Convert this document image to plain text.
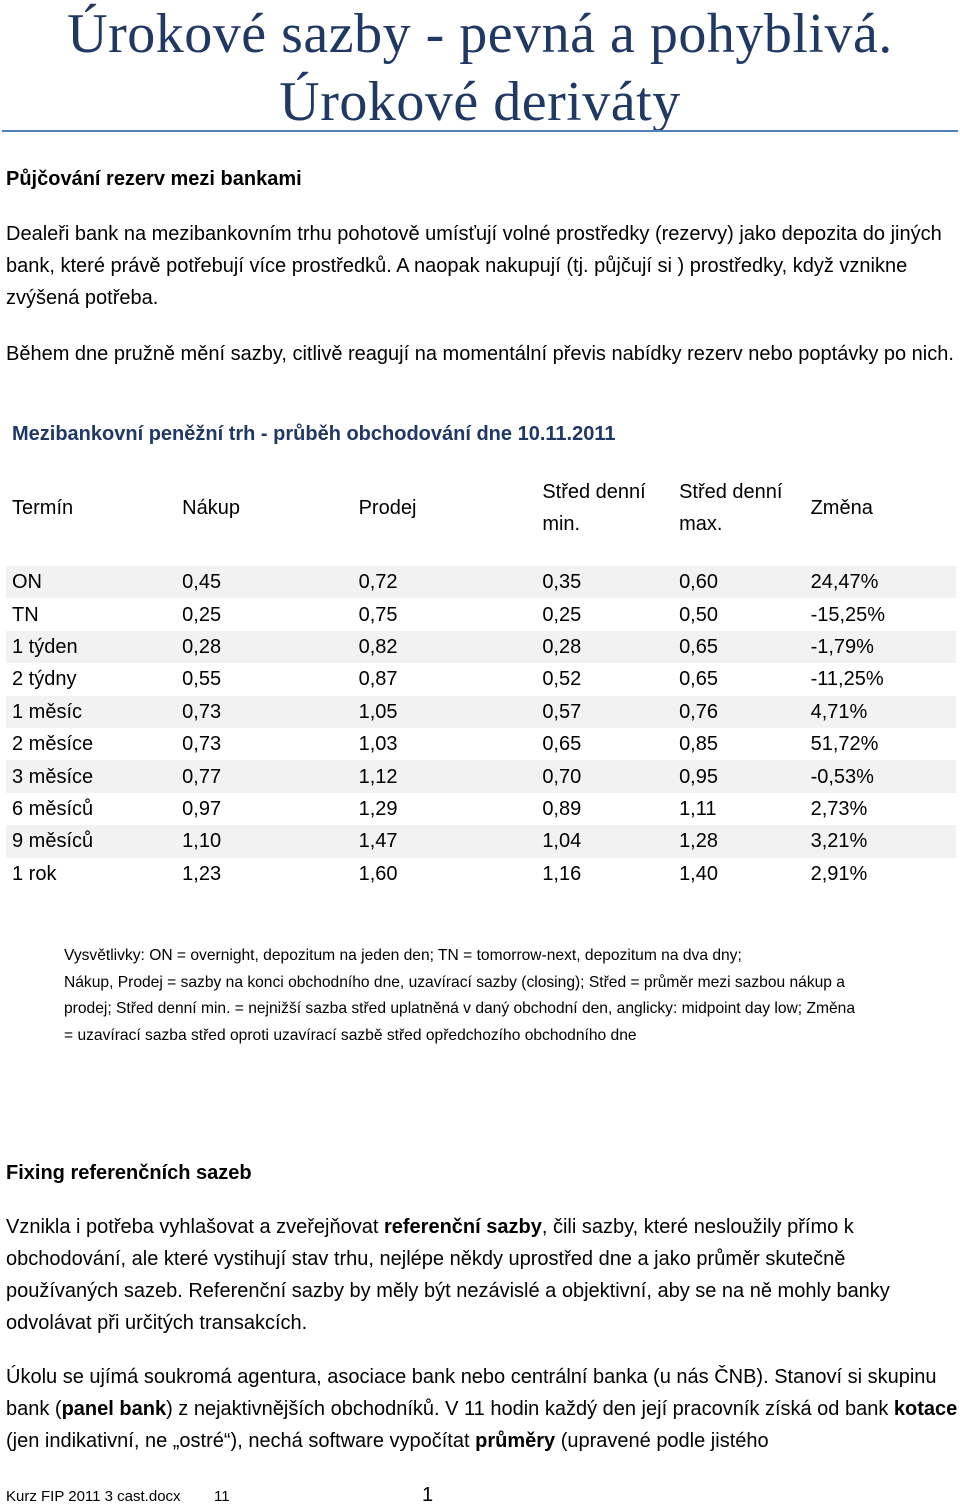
Úrokové sazby - pevná a pohyblivá.
Úrokové deriváty
Půjčování rezerv mezi bankami
Dealeři bank na mezibankovním trhu pohotově umísťují volné prostředky (rezervy) jako depozita do jiných bank, které právě potřebují více prostředků. A naopak nakupují (tj. půjčují si ) prostředky, když vznikne zvýšená potřeba.
Během dne pružně mění sazby, citlivě reagují na momentální převis nabídky rezerv nebo poptávky po nich.
Mezibankovní peněžní trh - průběh obchodování dne 10.11.2011
Termín	Nákup	Prodej	Střed denní min.	Střed denní max.	Změna

ON	0,45	0,72	0,35	0,60	24,47%
TN	0,25	0,75	0,25	0,50	-15,25%
1 týden	0,28	0,82	0,28	0,65	-1,79%
2 týdny	0,55	0,87	0,52	0,65	-11,25%
1 měsíc	0,73	1,05	0,57	0,76	4,71%
2 měsíce	0,73	1,03	0,65	0,85	51,72%
3 měsíce	0,77	1,12	0,70	0,95	-0,53%
6 měsíců	0,97	1,29	0,89	1,11	2,73%
9 měsíců	1,10	1,47	1,04	1,28	3,21%
1 rok	1,23	1,60	1,16	1,40	2,91%
Vysvětlivky: ON = overnight, depozitum na jeden den; TN = tomorrow-next, depozitum na dva dny;
Nákup, Prodej = sazby na konci obchodního dne, uzavírací sazby (closing); Střed = průměr mezi sazbou nákup a
prodej; Střed denní min. = nejnižší sazba střed uplatněná v daný obchodní den, anglicky: midpoint day low; Změna
= uzavírací sazba střed oproti uzavírací sazbě střed opředchozího obchodního dne
Fixing referenčních sazeb
Vznikla i potřeba vyhlašovat a zveřejňovat referenční sazby, čili sazby, které nesloužily přímo k obchodování, ale které vystihují stav trhu, nejlépe někdy uprostřed dne a jako průměr skutečně používaných sazeb. Referenční sazby by měly být nezávislé a objektivní, aby se na ně mohly banky odvolávat při určitých transakcích.
Úkolu se ujímá soukromá agentura, asociace bank nebo centrální banka (u nás ČNB). Stanoví si skupinu bank (panel bank) z nejaktivnějších obchodníků. V 11 hodin každý den její pracovník získá od bank kotace (jen indikativní, ne „ostré“), nechá software vypočítat průměry (upravené podle jistého
Kurz FIP 2011 3 cast.docx 11	1
